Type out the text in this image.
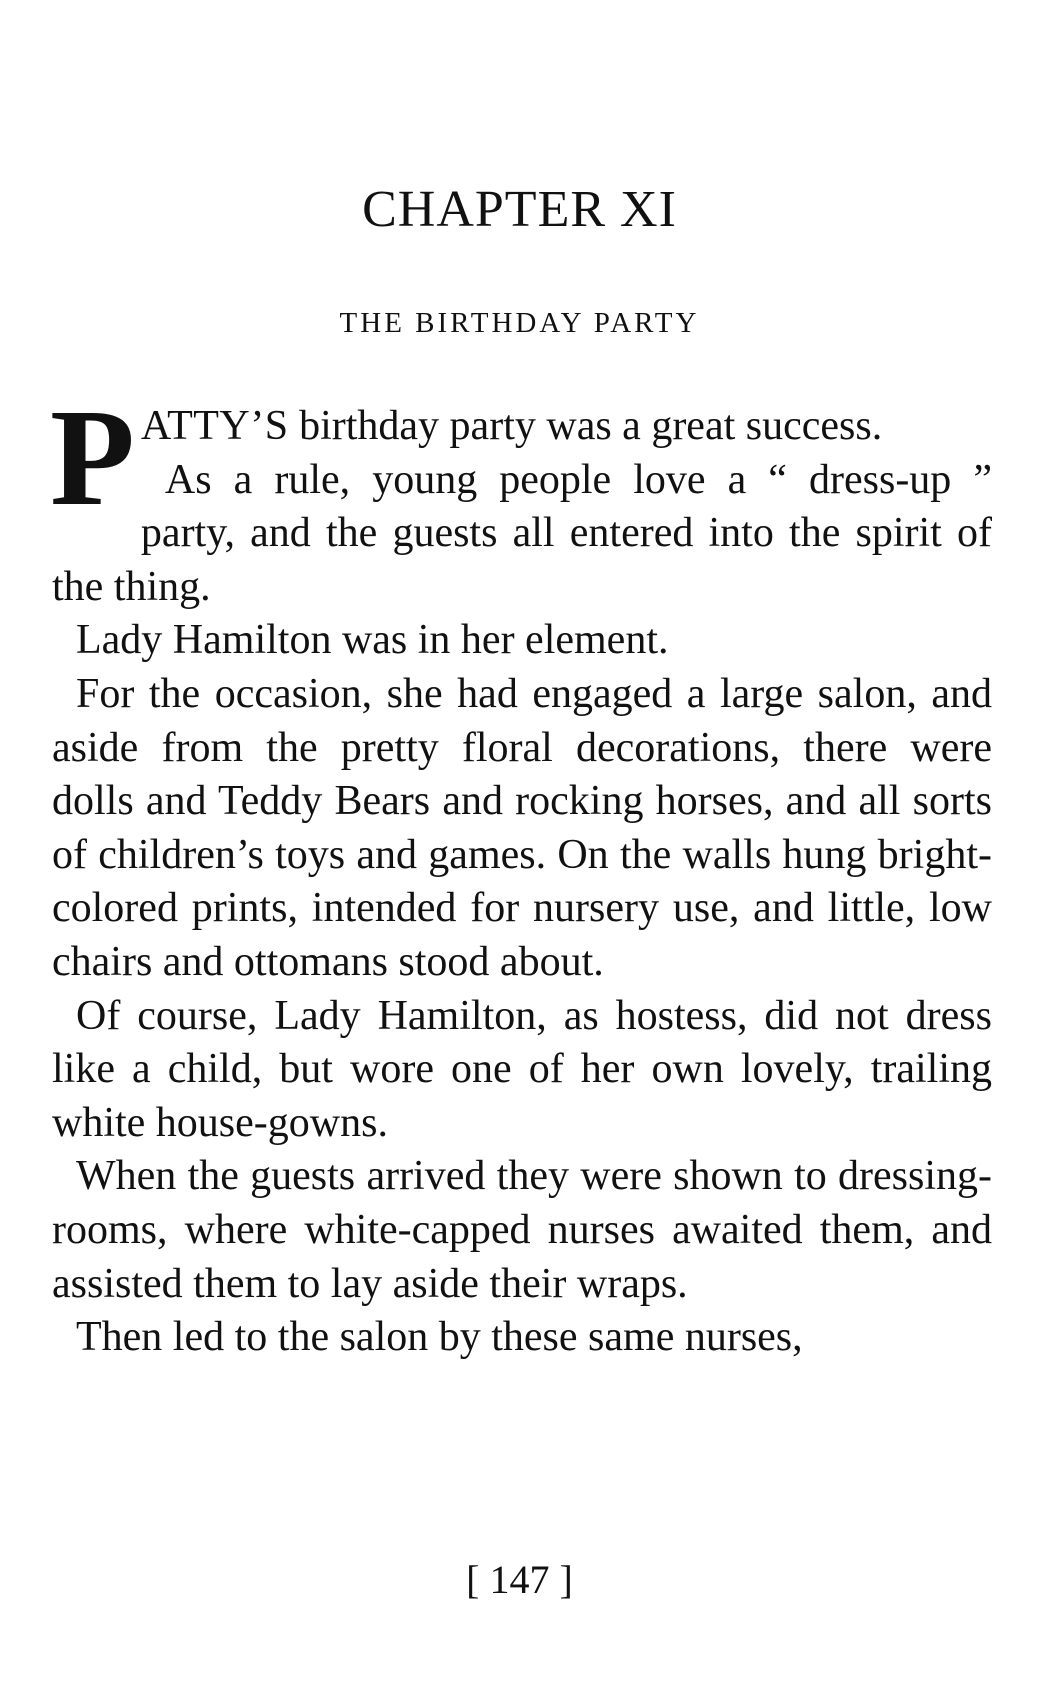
CHAPTER XI
THE BIRTHDAY PARTY

PATTY’S birthday party was a great success.

As a rule, young people love a “ dress-up ” party, and the guests all entered into the spirit of the thing.

Lady Hamilton was in her element.

For the occasion, she had engaged a large salon, and aside from the pretty floral decorations, there were dolls and Teddy Bears and rocking horses, and all sorts of children’s toys and games. On the walls hung bright-colored prints, intended for nursery use, and little, low chairs and ottomans stood about.

Of course, Lady Hamilton, as hostess, did not dress like a child, but wore one of her own lovely, trailing white house-gowns.

When the guests arrived they were shown to dressing-rooms, where white-capped nurses awaited them, and assisted them to lay aside their wraps.

Then led to the salon by these same nurses,

[ 147 ]
